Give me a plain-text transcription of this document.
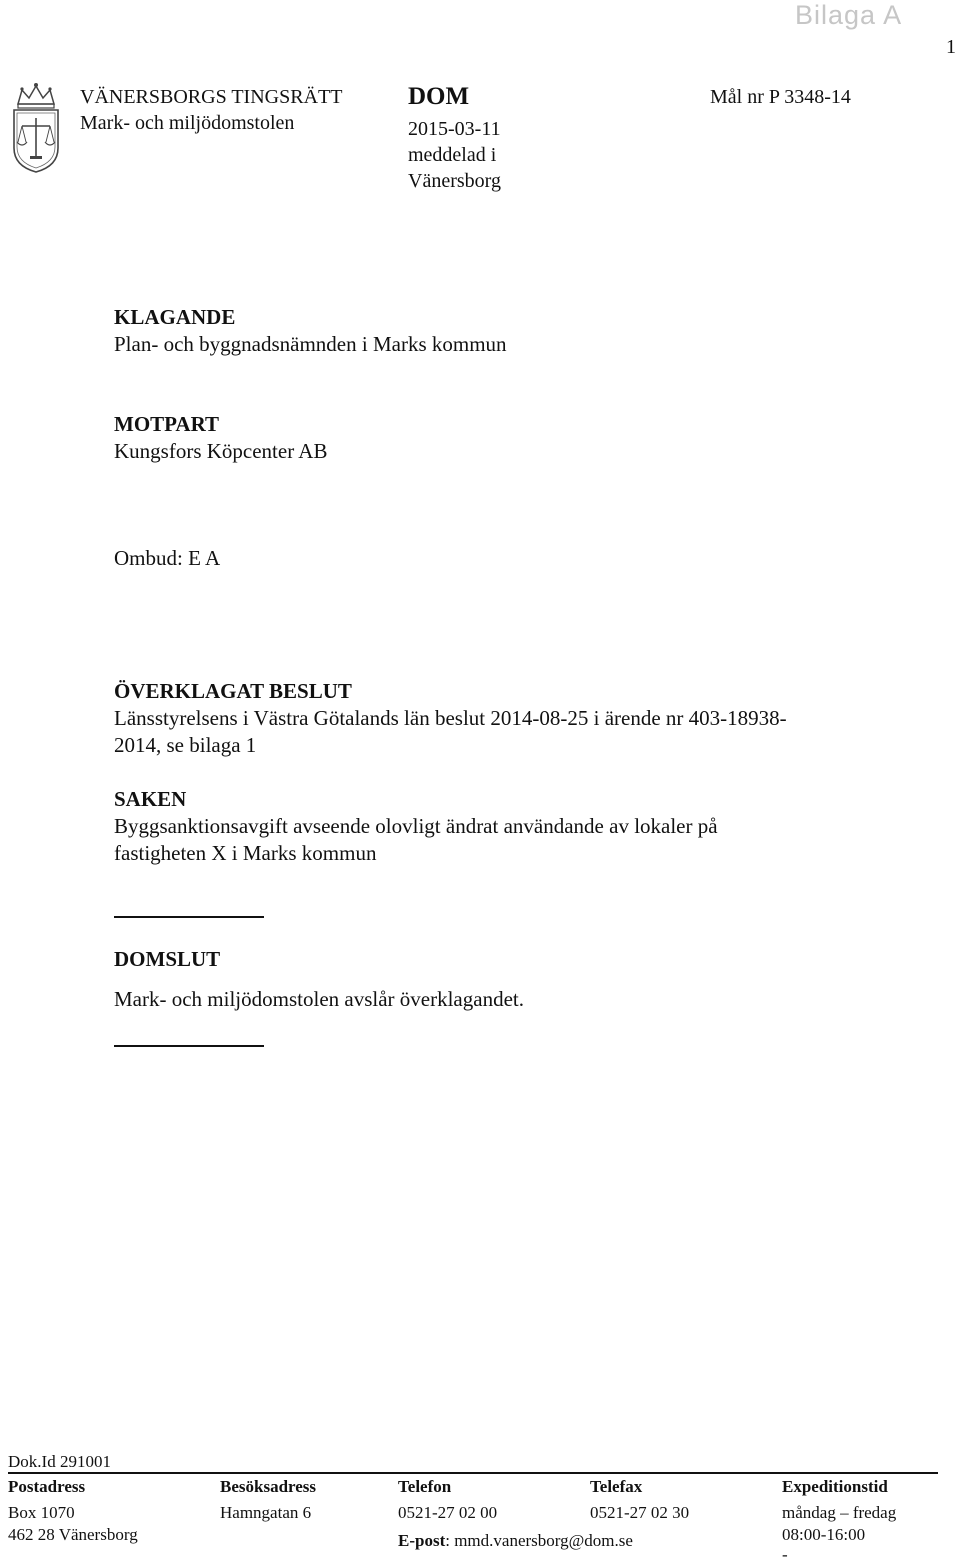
Bilaga A
1
VÄNERSBORGS TINGSRÄTT
Mark- och miljödomstolen
DOM
2015-03-11
meddelad i
Vänersborg
Mål nr P 3348-14
KLAGANDE
Plan- och byggnadsnämnden i Marks kommun
MOTPART
Kungsfors Köpcenter AB
Ombud: E A
ÖVERKLAGAT BESLUT
Länsstyrelsens i Västra Götalands län beslut 2014-08-25 i ärende nr 403-18938-
2014, se bilaga 1
SAKEN
Byggsanktionsavgift avseende olovligt ändrat användande av lokaler på
fastigheten X i Marks kommun
DOMSLUT
Mark- och miljödomstolen avslår överklagandet.
Dok.Id 291001
Postadress
Box 1070
462 28 Vänersborg
Besöksadress
Hamngatan 6
Telefon
0521-27 02 00
E-post: mmd.vanersborg@dom.se
Telefax
0521-27 02 30
Expeditionstid
måndag – fredag
08:00-16:00
-
